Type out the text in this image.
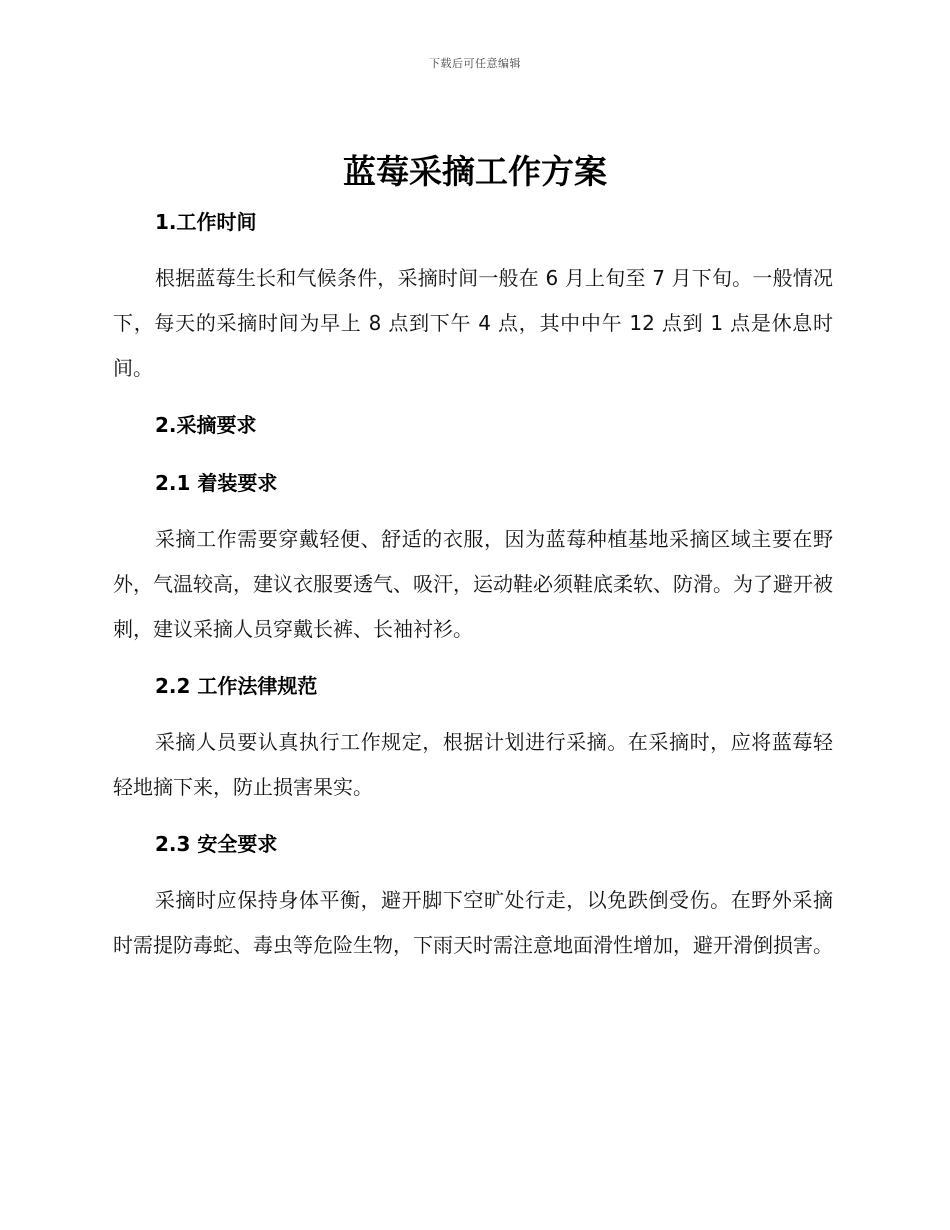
下载后可任意编辑
蓝莓采摘工作方案
1.工作时间

根据蓝莓生长和气候条件，采摘时间一般在 6 月上旬至 7 月下旬。一般情况下，每天的采摘时间为早上 8 点到下午 4 点，其中中午 12 点到 1 点是休息时间。

2.采摘要求
2.1 着装要求

采摘工作需要穿戴轻便、舒适的衣服，因为蓝莓种植基地采摘区域主要在野外，气温较高，建议衣服要透气、吸汗，运动鞋必须鞋底柔软、防滑。为了避开被刺，建议采摘人员穿戴长裤、长袖衬衫。

2.2 工作法律规范

采摘人员要认真执行工作规定，根据计划进行采摘。在采摘时，应将蓝莓轻轻地摘下来，防止损害果实。

2.3 安全要求

采摘时应保持身体平衡，避开脚下空旷处行走，以免跌倒受伤。在野外采摘时需提防毒蛇、毒虫等危险生物，下雨天时需注意地面滑性增加，避开滑倒损害。
